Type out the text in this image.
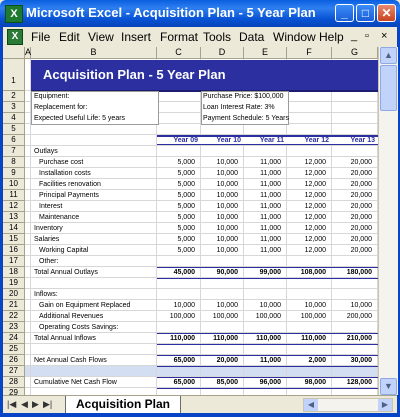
X Microsoft Excel - Acquisition Plan - 5 Year Plan	_	□	✕
X	File Edit View Insert Format Tools Data Window Help _ ▫ ×
A	B	C	D	E	F	G
1
2
3
4
5
6
7
8
9
10
11
12
13
14
15
16
17
18
19
20
21
22
23
24
25
26
27
28
29
Acquisition Plan - 5 Year Plan
Equipment:
Replacement for:
Expected Useful Life: 5 years
Purchase Price: $100,000
Loan Interest Rate: 3%
Payment Schedule: 5 Years
Year 09	Year 10	Year 11	Year 12	Year 13
Outlays
Purchase cost	5,000	10,000	11,000	12,000	20,000
Installation costs	5,000	10,000	11,000	12,000	20,000
Facilities renovation	5,000	10,000	11,000	12,000	20,000
Principal Payments	5,000	10,000	11,000	12,000	20,000
Interest	5,000	10,000	11,000	12,000	20,000
Maintenance	5,000	10,000	11,000	12,000	20,000
Inventory	5,000	10,000	11,000	12,000	20,000
Salaries	5,000	10,000	11,000	12,000	20,000
Working Capital	5,000	10,000	11,000	12,000	20,000
Other:
Total Annual Outlays	45,000	90,000	99,000	108,000	180,000
Inflows:
Gain on Equipment Replaced	10,000	10,000	10,000	10,000	10,000
Additional Revenues	100,000	100,000	100,000	100,000	200,000
Operating Costs Savings:
Total Annual Inflows	110,000	110,000	110,000	110,000	210,000
Net Annual Cash Flows	65,000	20,000	11,000	2,000	30,000
Cumulative Net Cash Flow	65,000	85,000	96,000	98,000	128,000
▲
▼
|◀ ◀ ▶ ▶|	Acquisition Plan	◀	▶
